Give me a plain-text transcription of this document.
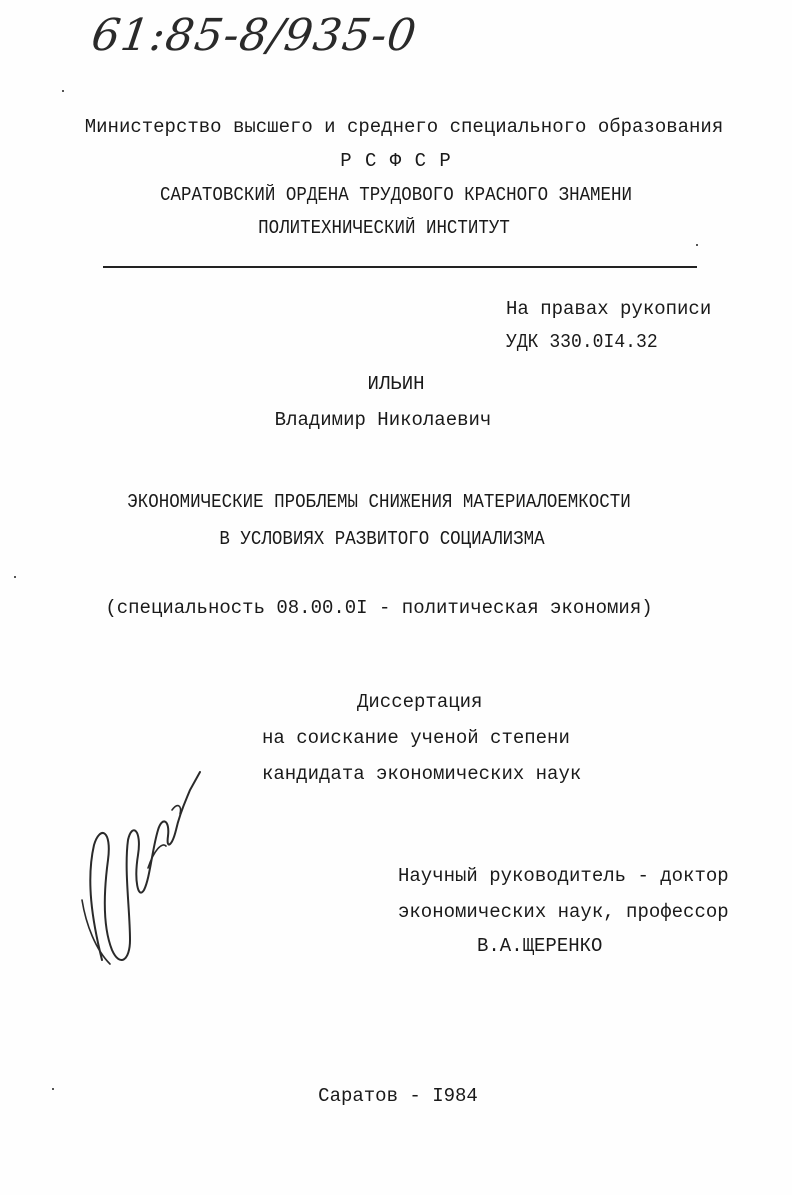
61:85-8/935-0
Министерство высшего и среднего специального образования
Р С Ф С Р
САРАТОВСКИЙ ОРДЕНА ТРУДОВОГО КРАСНОГО ЗНАМЕНИ
ПОЛИТЕХНИЧЕСКИЙ ИНСТИТУТ
На правах рукописи
УДК 330.0I4.32
ИЛЬИН
Владимир Николаевич
ЭКОНОМИЧЕСКИЕ ПРОБЛЕМЫ СНИЖЕНИЯ МАТЕРИАЛОЕМКОСТИ
В УСЛОВИЯХ РАЗВИТОГО СОЦИАЛИЗМА
(специальность 08.00.0I - политическая экономия)
Диссертация
на соискание ученой степени
кандидата экономических наук
Научный руководитель - доктор
экономических наук, профессор
В.А.ЩЕРЕНКО
Саратов - I984
